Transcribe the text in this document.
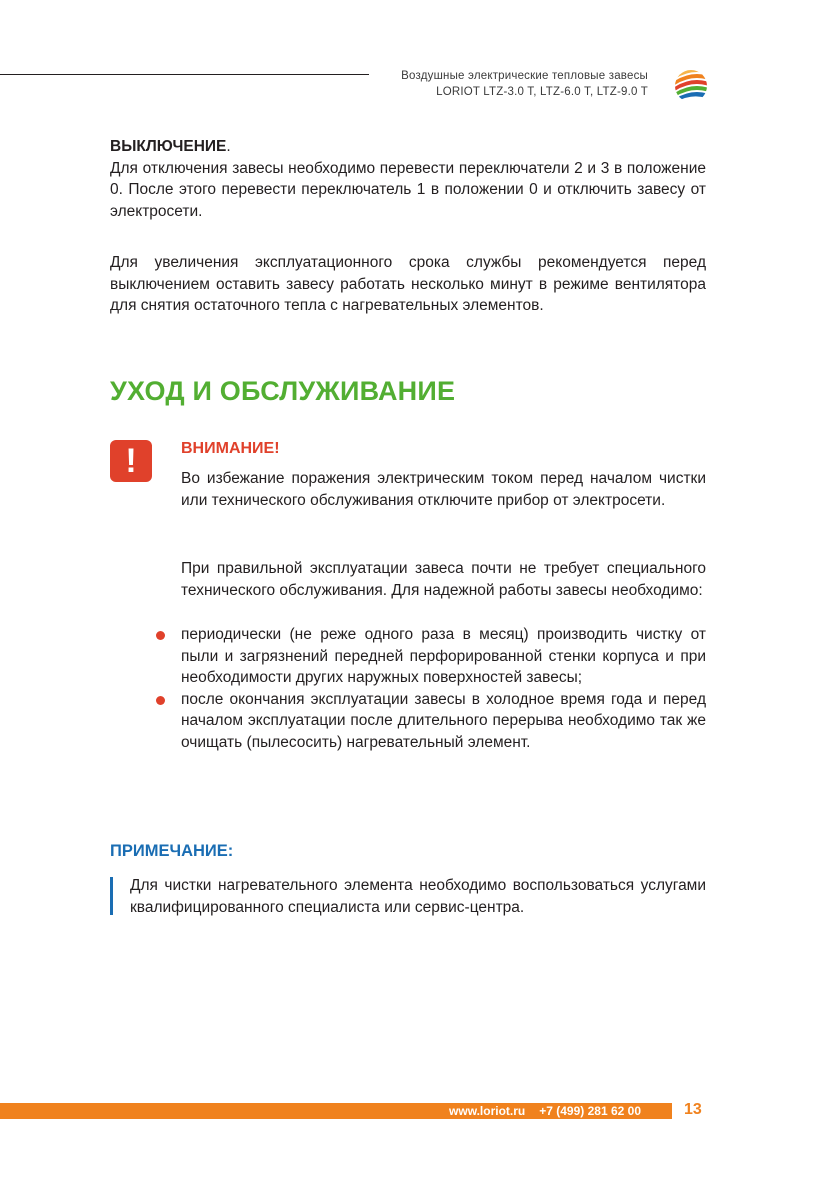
Воздушные электрические тепловые завесы
LORIOT LTZ-3.0 T, LTZ-6.0 T, LTZ-9.0 T
ВЫКЛЮЧЕНИЕ.
Для отключения завесы необходимо перевести переключатели 2 и 3 в положение 0. После этого перевести переключатель 1 в положении 0 и отключить завесу от электросети.
Для увеличения эксплуатационного срока службы рекомендуется перед выключением оставить завесу работать несколько минут в режиме вентилятора для снятия остаточного тепла с нагревательных элементов.
УХОД И ОБСЛУЖИВАНИЕ
!	ВНИМАНИЕ!
Во избежание поражения электрическим током перед началом чистки или технического обслуживания отключите прибор от электросети.
При правильной эксплуатации завеса почти не требует специального технического обслуживания. Для надежной работы завесы необходимо:
периодически (не реже одного раза в месяц) производить чистку от пыли и загрязнений передней перфорированной стенки корпуса и при необходимости других наружных поверхностей завесы;
после окончания эксплуатации завесы в холодное время года и перед началом эксплуатации после длительного перерыва необходимо так же очищать (пылесосить) нагревательный элемент.
ПРИМЕЧАНИЕ:
Для чистки нагревательного элемента необходимо воспользоваться услугами квалифицированного специалиста или сервис-центра.
www.loriot.ru +7 (499) 281 62 00	13
